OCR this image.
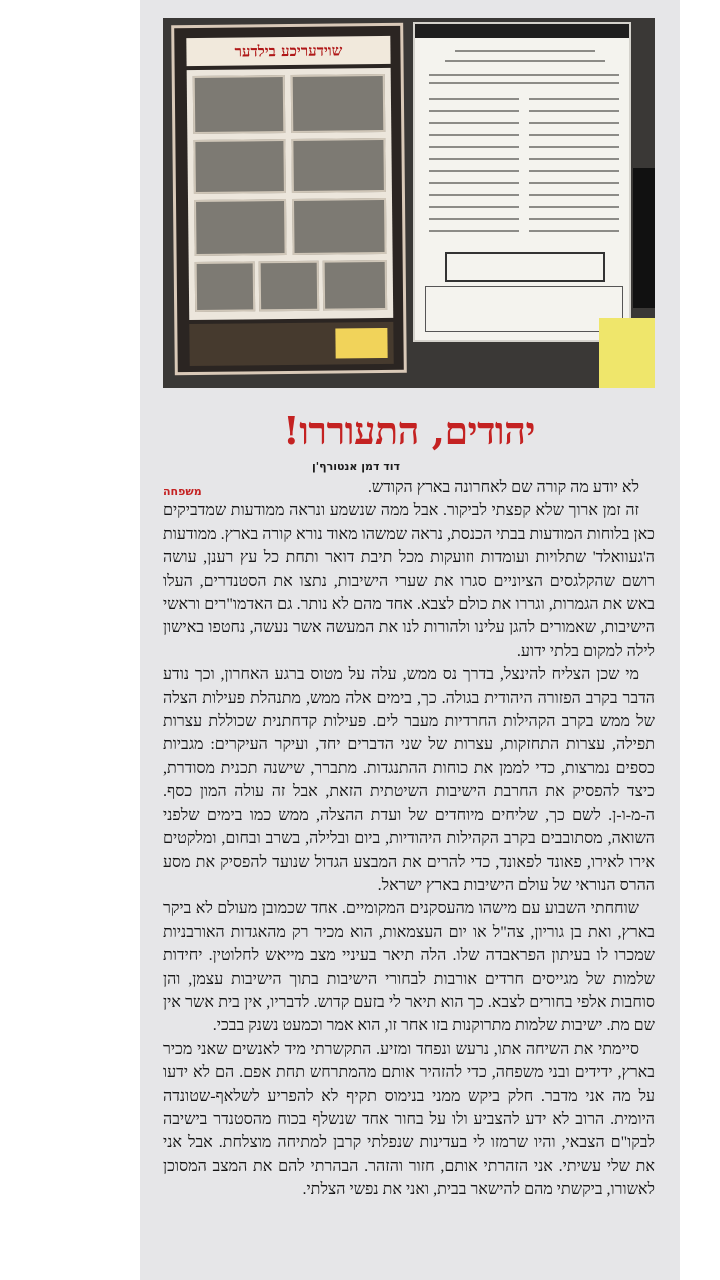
שוידעריכע בילדער
יהודים, התעוררו!
דוד דמן אנטורף'ן
משפחה	לא יודע מה קורה שם לאחרונה בארץ הקודש.

זה זמן ארוך שלא קפצתי לביקור. אבל ממה שנשמע ונראה ממודעות שמדביקים כאן בלוחות המודעות בבתי הכנסת, נראה שמשהו מאוד נורא קורה בארץ. ממודעות ה'געוואלד' שתלויות ועומדות וזועקות מכל תיבת דואר ותחת כל עץ רענן, עושה רושם שהקלגסים הציוניים סגרו את שערי הישיבות, נתצו את הסטנדרים, העלו באש את הגמרות, וגררו את כולם לצבא. אחד מהם לא נותר. גם האדמו"רים וראשי הישיבות, שאמורים להגן עלינו ולהורות לנו את המעשה אשר נעשה, נחטפו באישון לילה למקום בלתי ידוע.

מי שכן הצליח להינצל, בדרך נס ממש, עלה על מטוס ברגע האחרון, וכך נודע הדבר בקרב הפזורה היהודית בגולה. כך, בימים אלה ממש, מתנהלת פעילות הצלה של ממש בקרב הקהילות החרדיות מעבר לים. פעילות קדחתנית שכוללת עצרות תפילה, עצרות התחזקות, עצרות של שני הדברים יחד, ועיקר העיקרים: מגביות כספים נמרצות, כדי לממן את כוחות ההתנגדות. מתברר, שישנה תכנית מסודרת, כיצד להפסיק את החרבת הישיבות השיטתית הזאת, אבל זה עולה המון כסף. ה-מ-ו-ן. לשם כך, שליחים מיוחדים של ועדת ההצלה, ממש כמו בימים שלפני השואה, מסתובבים בקרב הקהילות היהודיות, ביום ובלילה, בשרב ובחום, ומלקטים אירו לאירו, פאונד לפאונד, כדי להרים את המבצע הגדול שנועד להפסיק את מסע ההרס הנוראי של עולם הישיבות בארץ ישראל.

שוחחתי השבוע עם מישהו מהעסקנים המקומיים. אחד שכמובן מעולם לא ביקר בארץ, ואת בן גוריון, צה"ל או יום העצמאות, הוא מכיר רק מהאגדות האורבניות שמכרו לו בעיתון הפראבדה שלו. הלה תיאר בעיניי מצב מייאש לחלוטין. יחידות שלמות של מגייסים חרדים אורבות לבחורי הישיבות בתוך הישיבות עצמן, והן סוחבות אלפי בחורים לצבא. כך הוא תיאר לי בזעם קדוש. לדבריו, אין בית אשר אין שם מת. ישיבות שלמות מתרוקנות בזו אחר זו, הוא אמר וכמעט נשנק בבכי.

סיימתי את השיחה אתו, נרעש ונפחד ומזיע. התקשרתי מיד לאנשים שאני מכיר בארץ, ידידים ובני משפחה, כדי להזהיר אותם מהמתרחש תחת אפם. הם לא ידעו על מה אני מדבר. חלק ביקש ממני בנימוס תקיף לא להפריע לשלאף-שטונדה היומית. הרוב לא ידע להצביע ולו על בחור אחד שנשלף בכוח מהסטנדר בישיבה לבקו"ם הצבאי, והיו שרמזו לי בעדינות שנפלתי קרבן למתיחה מוצלחת. אבל אני את שלי עשיתי. אני הזהרתי אותם, חזור והזהר. הבהרתי להם את המצב המסוכן לאשורו, ביקשתי מהם להישאר בבית, ואני את נפשי הצלתי.
